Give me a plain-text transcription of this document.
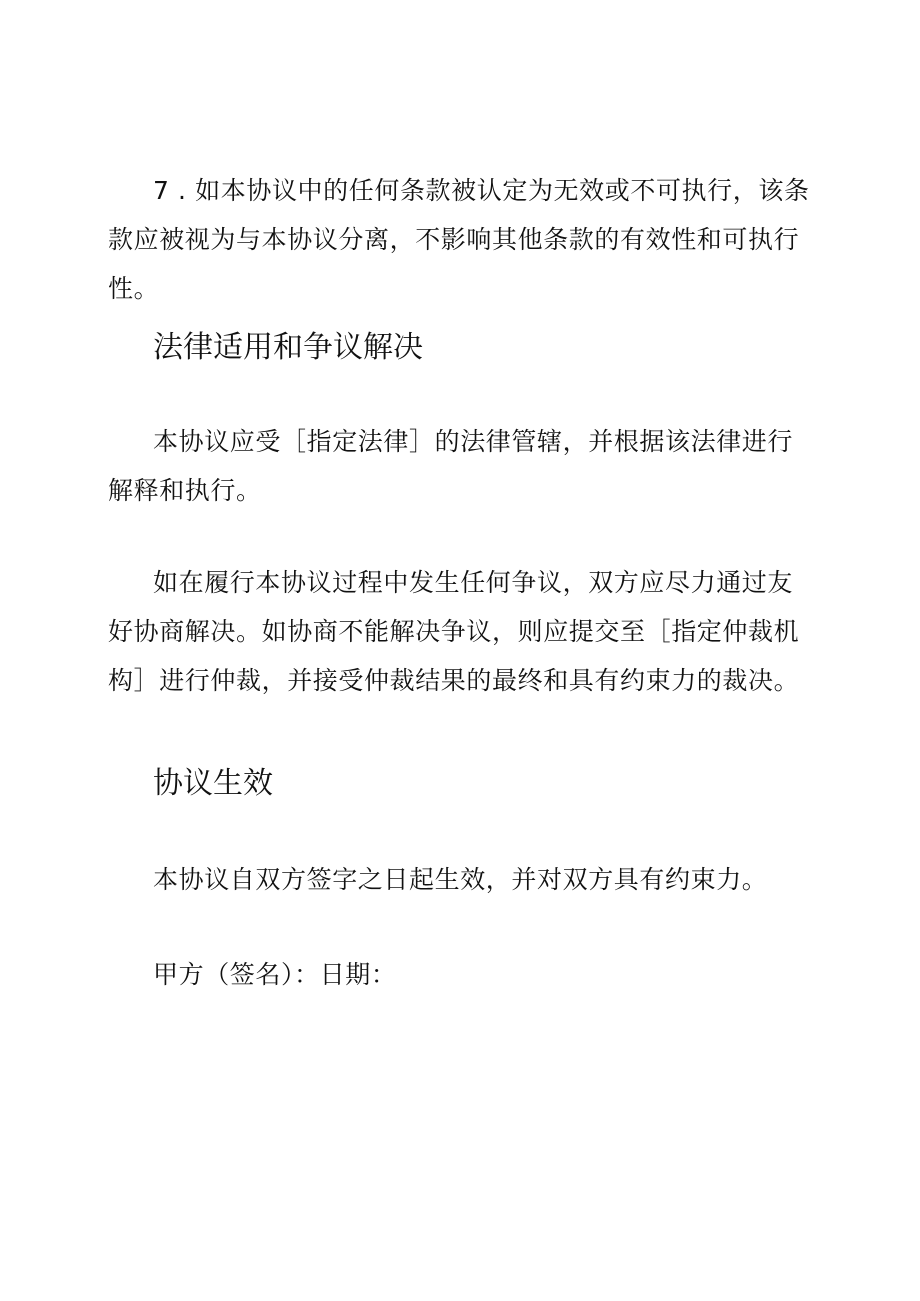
7 . 如本协议中的任何条款被认定为无效或不可执行，该条款应被视为与本协议分离，不影响其他条款的有效性和可执行性。

法律适用和争议解决

本协议应受［指定法律］的法律管辖，并根据该法律进行解释和执行。

如在履行本协议过程中发生任何争议，双方应尽力通过友好协商解决。如协商不能解决争议，则应提交至［指定仲裁机构］进行仲裁，并接受仲裁结果的最终和具有约束力的裁决。

协议生效

本协议自双方签字之日起生效，并对双方具有约束力。

甲方（签名）：日期：
